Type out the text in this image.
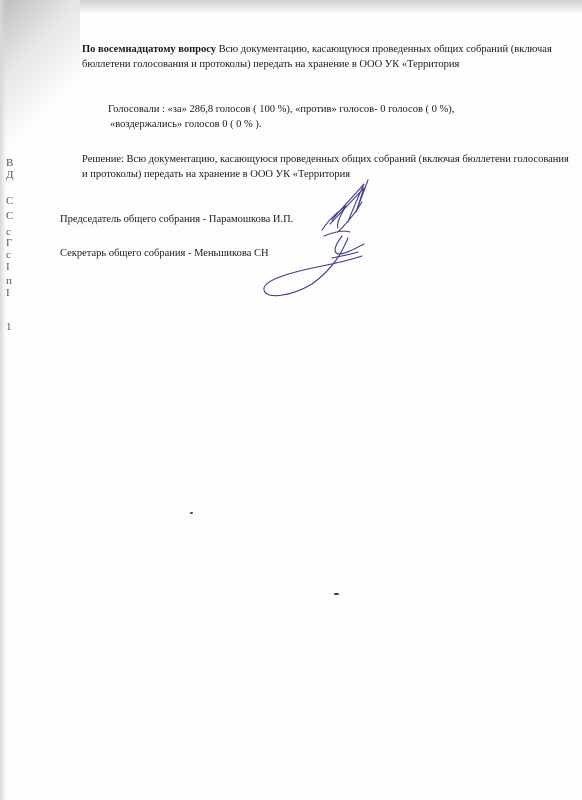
В
Д
С
С
с
Г
с
I
п
I
1

По восемнадцатому вопросу Всю документацию, касающуюся проведенных общих собраний (включая бюллетени голосования и протоколы) передать на хранение в ООО УК «Территория

Голосовали : «за» 286,8 голосов ( 100 %), «против» голосов- 0 голосов ( 0 %),
«воздержались» голосов 0 ( 0 % ).

Решение: Всю документацию, касающуюся проведенных общих собраний (включая бюллетени голосования и протоколы) передать на хранение в ООО УК «Территория

Председатель общего собрания - Парамошкова И.П.

Секретарь общего собрания - Меньшикова СН
